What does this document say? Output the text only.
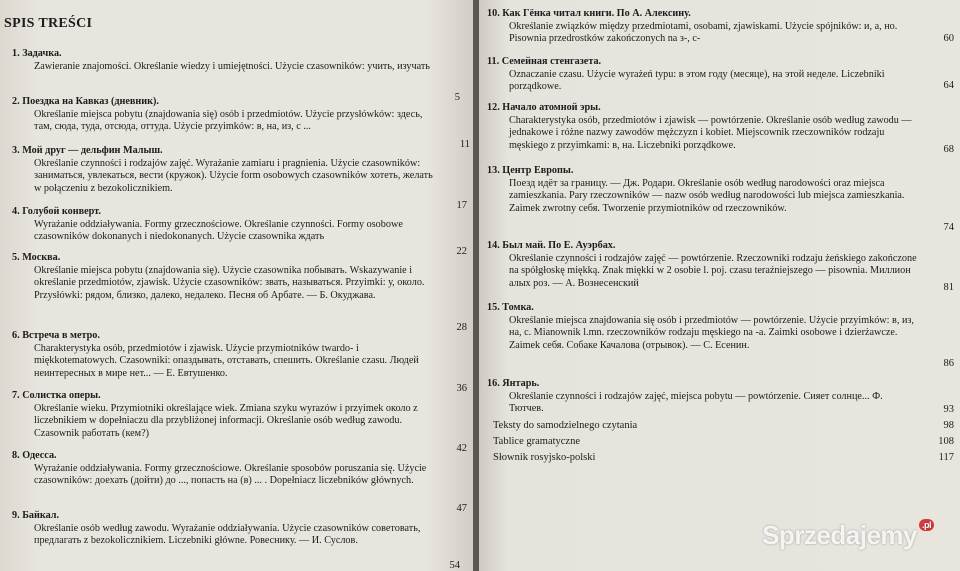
SPIS TREŚCI
1. Задачка.
Zawieranie znajomości. Określanie wiedzy i umiejętności. Użycie czasowników: учить, изучать
5
2. Поездка на Кавказ (дневник).
Określanie miejsca pobytu (znajdowania się) osób i przedmiotów. Użycie przysłówków: здесь, там, сюда, туда, отсюда, оттуда. Użycie przyimków: в, на, из, с ...
11
3. Мой друг — дельфин Малыш.
Określanie czynności i rodzajów zajęć. Wyrażanie zamiaru i pragnienia. Użycie czasowników: заниматься, увлекаться, вести (кружок). Użycie form osobowych czasowników хотеть, желать w połączeniu z bezokolicznikiem.
17
4. Голубой конверт.
Wyrażanie oddziaływania. Formy grzecznościowe. Określanie czynności. Formy osobowe czasowników dokonanych i niedokonanych. Użycie czasownika ждать
22
5. Москва.
Określanie miejsca pobytu (znajdowania się). Użycie czasownika побывать. Wskazywanie i określanie przedmiotów, zjawisk. Użycie czasowników: звать, называться. Przyimki: у, около. Przysłówki: рядом, близко, далеко, недалеко. Песня об Арбате. — Б. Окуджава.
28
6. Встреча в метро.
Charakterystyka osób, przedmiotów i zjawisk. Użycie przymiotników twardo- i miękkotematowych. Czasowniki: опаздывать, отставать, спешить. Określanie czasu. Людей неинтересных в мире нет... — Е. Евтушенко.
36
7. Солистка оперы.
Określanie wieku. Przymiotniki określające wiek. Zmiana szyku wyrazów i przyimek около z liczebnikiem w dopełniaczu dla przybliżonej informacji. Określanie osób według zawodu. Czasownik работать (кем?)
42
8. Одесса.
Wyrażanie oddziaływania. Formy grzecznościowe. Określanie sposobów poruszania się. Użycie czasowników: доехать (дойти) до ..., попасть на (в) ... . Dopełniacz liczebników głównych.
47
9. Байкал.
Określanie osób według zawodu. Wyrażanie oddziaływania. Użycie czasowników советовать, предлагать z bezokolicznikiem. Liczebniki główne. Ровеснику. — И. Суслов.
54
10. Как Гёнка читал книги. По А. Алексину.
Określanie związków między przedmiotami, osobami, zjawiskami. Użycie spójników: и, а, но. Pisownia przedrostków zakończonych na з-, с-	60
11. Семейная стенгазета.
Oznaczanie czasu. Użycie wyrażeń typu: в этом году (месяце), на этой неделе. Liczebniki porządkowe.	64
12. Начало атомной эры.
Charakterystyka osób, przedmiotów i zjawisk — powtórzenie. Określanie osób według zawodu — jednakowe i różne nazwy zawodów mężczyzn i kobiet. Miejscownik rzeczowników rodzaju męskiego z przyimkami: в, на. Liczebniki porządkowe.	68
13. Центр Европы.
Поезд идёт за границу. — Дж. Родари. Określanie osób według narodowości oraz miejsca zamieszkania. Pary rzeczowników — nazw osób według narodowości lub miejsca zamieszkania. Zaimek zwrotny себя. Tworzenie przymiotników od rzeczowników.
74
14. Был май. По Е. Ауэрбах.
Określanie czynności i rodzajów zajęć — powtórzenie. Rzeczowniki rodzaju żeńskiego zakończone na spółgłoskę miękką. Znak miękki w 2 osobie l. poj. czasu teraźniejszego — pisownia. Миллион алых роз. — А. Вознесенский	81
15. Томка.
Określanie miejsca znajdowania się osób i przedmiotów — powtórzenie. Użycie przyimków: в, из, на, с. Mianownik l.mn. rzeczowników rodzaju męskiego na -а. Zaimki osobowe i dzierżawcze. Zaimek себя. Собаке Качалова (отрывок). — С. Есенин.
86
16. Янтарь.
Określanie czynności i rodzajów zajęć, miejsca pobytu — powtórzenie. Сияет солнце... Ф. Тютчев.	93
Teksty do samodzielnego czytania	98
Tablice gramatyczne	108
Słownik rosyjsko-polski	117
Sprzedajemy $^{.pl}$
